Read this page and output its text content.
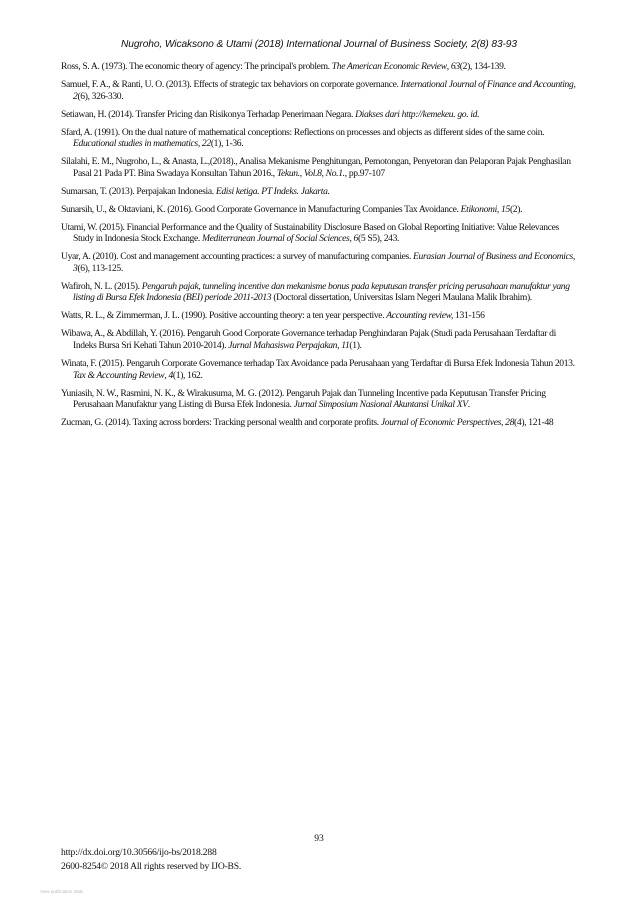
Nugroho, Wicaksono & Utami (2018) International Journal of Business Society, 2(8) 83-93

Ross, S. A. (1973). The economic theory of agency: The principal's problem. The American Economic Review, 63(2), 134-139.

Samuel, F. A., & Ranti, U. O. (2013). Effects of strategic tax behaviors on corporate governance. International Journal of Finance and Accounting, 2(6), 326-330.

Setiawan, H. (2014). Transfer Pricing dan Risikonya Terhadap Penerimaan Negara. Diakses dari http://kemekeu. go. id.

Sfard, A. (1991). On the dual nature of mathematical conceptions: Reflections on processes and objects as different sides of the same coin. Educational studies in mathematics, 22(1), 1-36.

Silalahi, E. M., Nugroho, L., & Anasta, L.,(2018)., Analisa Mekanisme Penghitungan, Pemotongan, Penyetoran dan Pelaporan Pajak Penghasilan Pasal 21 Pada PT. Bina Swadaya Konsultan Tahun 2016., Tekun., Vol.8, No.1., pp.97-107

Sumarsan, T. (2013). Perpajakan Indonesia. Edisi ketiga. PT Indeks. Jakarta.

Sunarsih, U., & Oktaviani, K. (2016). Good Corporate Governance in Manufacturing Companies Tax Avoidance. Etikonomi, 15(2).

Utami, W. (2015). Financial Performance and the Quality of Sustainability Disclosure Based on Global Reporting Initiative: Value Relevances Study in Indonesia Stock Exchange. Mediterranean Journal of Social Sciences, 6(5 S5), 243.

Uyar, A. (2010). Cost and management accounting practices: a survey of manufacturing companies. Eurasian Journal of Business and Economics, 3(6), 113-125.

Wafiroh, N. L. (2015). Pengaruh pajak, tunneling incentive dan mekanisme bonus pada keputusan transfer pricing perusahaan manufaktur yang listing di Bursa Efek Indonesia (BEI) periode 2011-2013 (Doctoral dissertation, Universitas Islam Negeri Maulana Malik Ibrahim).

Watts, R. L., & Zimmerman, J. L. (1990). Positive accounting theory: a ten year perspective. Accounting review, 131-156

Wibawa, A., & Abdillah, Y. (2016). Pengaruh Good Corporate Governance terhadap Penghindaran Pajak (Studi pada Perusahaan Terdaftar di Indeks Bursa Sri Kehati Tahun 2010-2014). Jurnal Mahasiswa Perpajakan, 11(1).

Winata, F. (2015). Pengaruh Corporate Governance terhadap Tax Avoidance pada Perusahaan yang Terdaftar di Bursa Efek Indonesia Tahun 2013. Tax & Accounting Review, 4(1), 162.

Yuniasih, N. W., Rasmini, N. K., & Wirakusuma, M. G. (2012). Pengaruh Pajak dan Tunneling Incentive pada Keputusan Transfer Pricing Perusahaan Manufaktur yang Listing di Bursa Efek Indonesia. Jurnal Simposium Nasional Akuntansi Unikal XV.

Zucman, G. (2014). Taxing across borders: Tracking personal wealth and corporate profits. Journal of Economic Perspectives, 28(4), 121-48

93
http://dx.doi.org/10.30566/ijo-bs/2018.288
2600-8254© 2018 All rights reserved by IJO-BS.
View publication stats
